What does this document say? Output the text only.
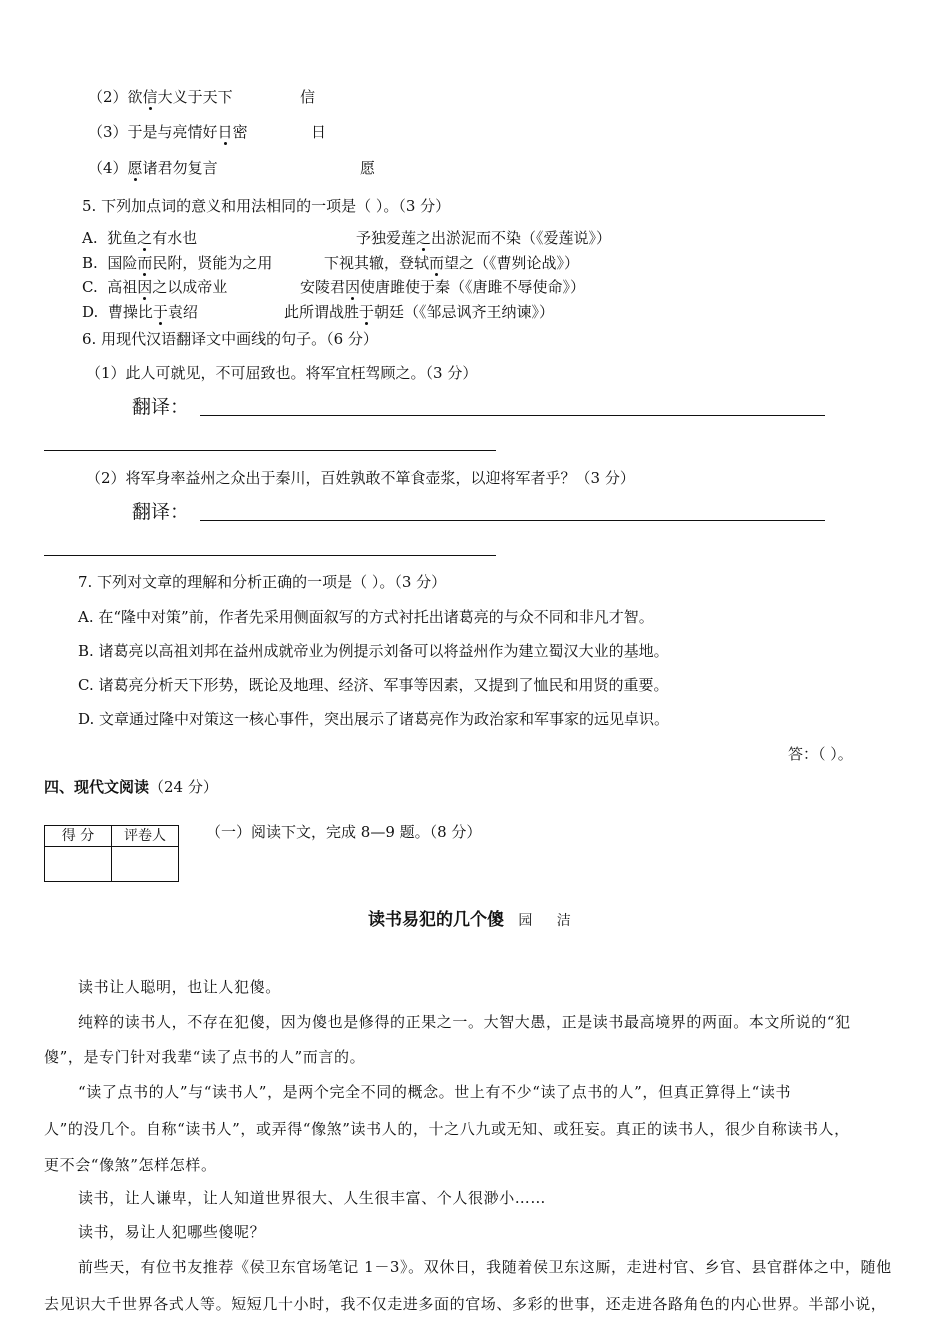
（2）欲信大义于天下	信
（3）于是与亮情好日密	日
（4）愿诸君勿复言	愿
5. 下列加点词的意义和用法相同的一项是（ ）。（3 分）
A. 犹鱼之有水也	予独爱莲之出淤泥而不染（《爱莲说》）
B. 国险而民附，贤能为之用	下视其辙，登轼而望之（《曹刿论战》）
C. 高祖因之以成帝业	安陵君因使唐雎使于秦（《唐雎不辱使命》）
D. 曹操比于袁绍	此所谓战胜于朝廷（《邹忌讽齐王纳谏》）
6. 用现代汉语翻译文中画线的句子。（6 分）
（1）此人可就见，不可屈致也。将军宜枉驾顾之。（3 分）
翻译：
（2）将军身率益州之众出于秦川，百姓孰敢不箪食壶浆，以迎将军者乎？（3 分）
翻译：
7. 下列对文章的理解和分析正确的一项是（ ）。（3 分）
A. 在“隆中对策”前，作者先采用侧面叙写的方式衬托出诸葛亮的与众不同和非凡才智。
B. 诸葛亮以高祖刘邦在益州成就帝业为例提示刘备可以将益州作为建立蜀汉大业的基地。
C. 诸葛亮分析天下形势，既论及地理、经济、军事等因素，又提到了恤民和用贤的重要。
D. 文章通过隆中对策这一核心事件，突出展示了诸葛亮作为政治家和军事家的远见卓识。
答：（ ）。
四、现代文阅读（24 分）
得 分	评卷人
		（一）阅读下文，完成 8—9 题。（8 分）
读书易犯的几个傻 园 洁
读书让人聪明，也让人犯傻。
纯粹的读书人，不存在犯傻，因为傻也是修得的正果之一。大智大愚，正是读书最高境界的两面。本文所说的“犯
傻”，是专门针对我辈“读了点书的人”而言的。
“读了点书的人”与“读书人”，是两个完全不同的概念。世上有不少“读了点书的人”，但真正算得上“读书
人”的没几个。自称“读书人”，或弄得“像煞”读书人的，十之八九或无知、或狂妄。真正的读书人，很少自称读书人，
更不会“像煞”怎样怎样。
读书，让人谦卑，让人知道世界很大、人生很丰富、个人很渺小……
读书，易让人犯哪些傻呢？
前些天，有位书友推荐《侯卫东官场笔记 1－3》。双休日，我随着侯卫东这厮，走进村官、乡官、县官群体之中，随他
去见识大千世界各式人等。短短几十小时，我不仅走进多面的官场、多彩的世事，还走进各路角色的内心世界。半部小说，
